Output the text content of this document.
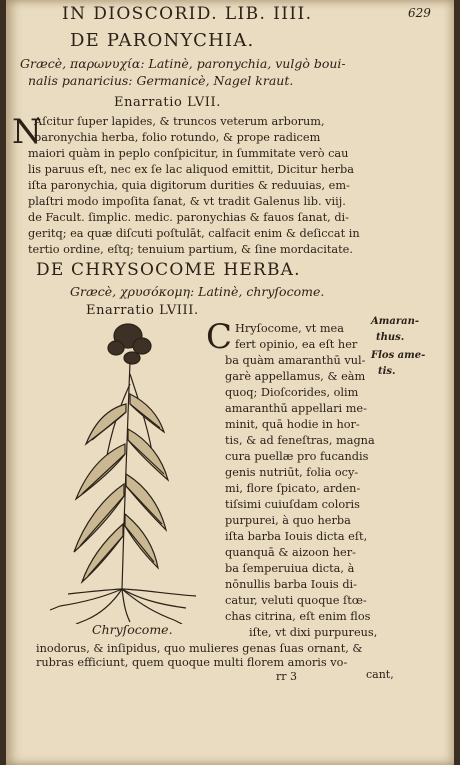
IN DIOSCORID. LIB. IIII.	629
DE PARONYCHIA.
Græcè, παρωνυχία: Latinè, paronychia, vulgò boui-
nalis panaricius: Germanicè, Nagel kraut.
Enarratio LVII.
N
Aſcitur ſuper lapides, & truncos veterum arborum,
paronychia herba, folio rotundo, & prope radicem
maiori quàm in peplo conſpicitur, in ſummitate verò cau
lis paruus eſt, nec ex ſe lac aliquod emittit, Dicitur herba
iſta paronychia, quia digitorum durities & reduuias, em-
plaſtri modo impoſita ſanat, & vt tradit Galenus lib. viij.
de Facult. ſimplic. medic. paronychias & fauos ſanat, di-
geritq; ea quæ diſcuti poſtulāt, calfacit enim & deſiccat in
tertio ordine, eſtq; tenuium partium, & ſine mordacitate.
DE CHRYSOCOME HERBA.
Græcè, χρυσόκομη: Latinè, chryſocome.
Enarratio LVIII.
C Hryſocome, vt mea
fert opinio, ea eſt her
ba quàm amaranthū vul-
garè appellamus, & eàm
quoq; Dioſcorides, olim
amaranthū appellari me-
minit, quā hodie in hor-
tis, & ad feneſtras, magna
cura puellæ pro fucandis
genis nutriūt, folia ocy-
mi, flore ſpicato, arden-
tiſsimi cuiuſdam coloris
purpurei, à quo herba
iſta barba Iouis dicta eſt,
quanquā & aizoon her-
ba ſemperuiua dicta, à
nōnullis barba Iouis di-
catur, veluti quoque ſtœ-
chas citrina, eſt enim flos
iſte, vt dixi purpureus,
inodorus, & inſipidus, quo mulieres genas ſuas ornant, &
rubras efficiunt, quem quoque multi florem amoris vo-
Amaran-
thus.
Flos ame-
tis.
Chryſocome.
rr 3	cant,
